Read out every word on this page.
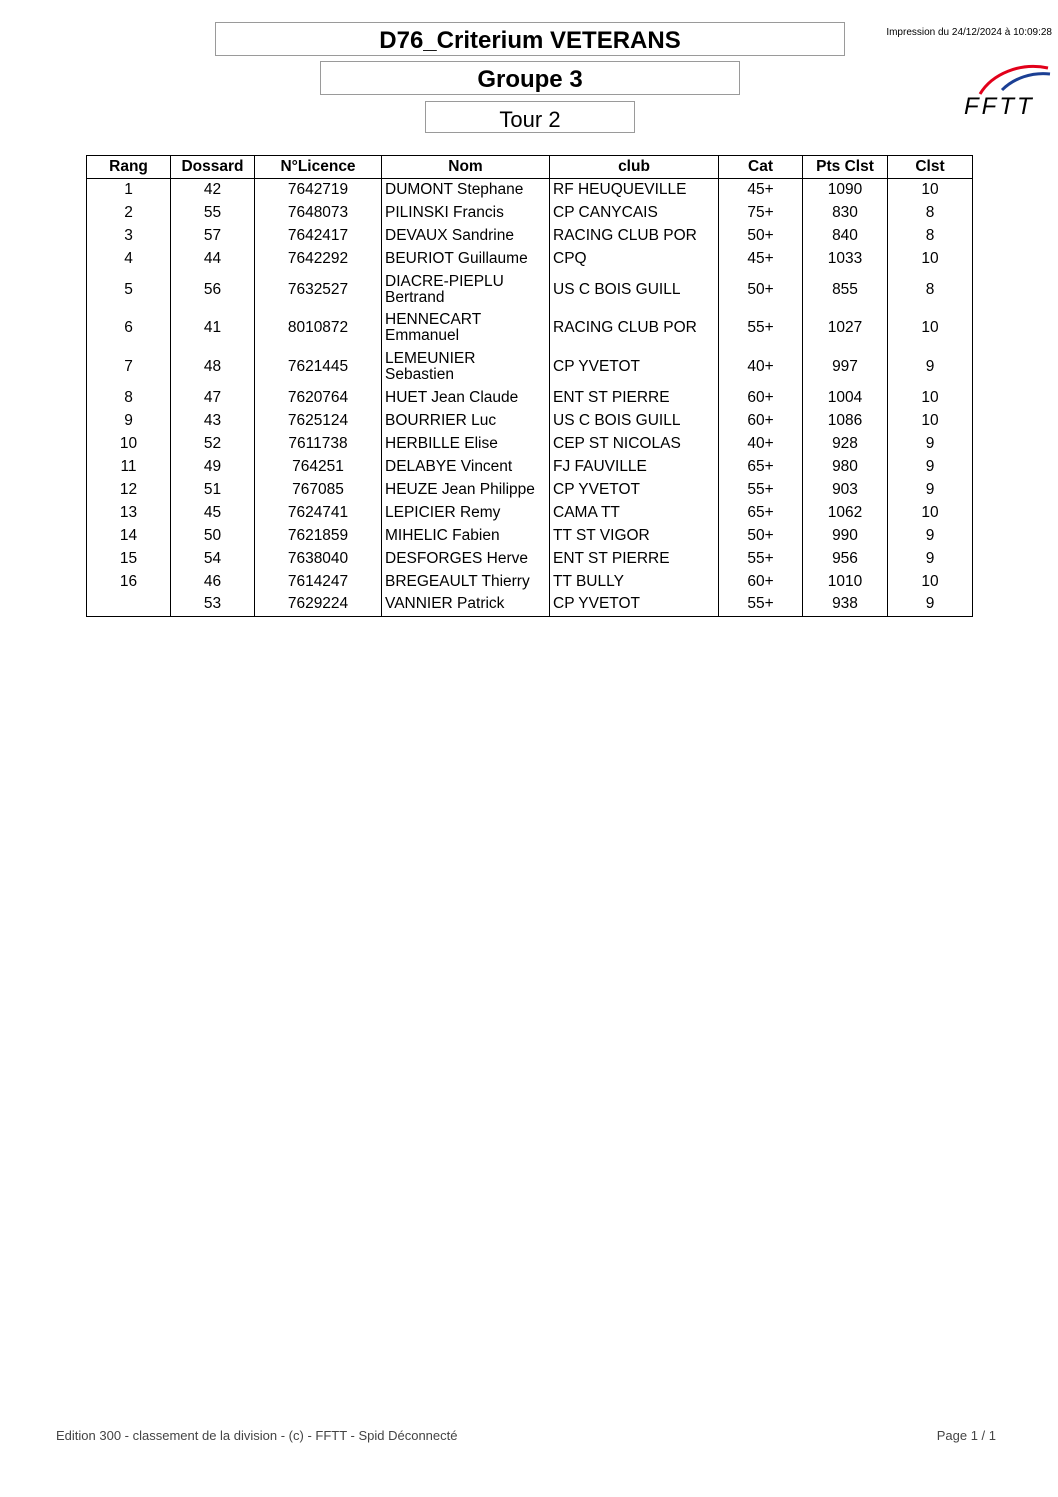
D76_Criterium VETERANS
Groupe 3
Tour 2
Impression du 24/12/2024 à 10:09:28
FFTT
Rang	Dossard	N°Licence	Nom	club	Cat	Pts Clst	Clst
1	42	7642719	DUMONT Stephane	RF HEUQUEVILLE	45+	1090	10
2	55	7648073	PILINSKI Francis	CP CANYCAIS	75+	830	8
3	57	7642417	DEVAUX Sandrine	RACING CLUB POR	50+	840	8
4	44	7642292	BEURIOT Guillaume	CPQ	45+	1033	10
5	56	7632527	DIACRE-PIEPLU Bertrand	US C BOIS GUILL	50+	855	8
6	41	8010872	HENNECART Emmanuel	RACING CLUB POR	55+	1027	10
7	48	7621445	LEMEUNIER Sebastien	CP YVETOT	40+	997	9
8	47	7620764	HUET Jean Claude	ENT ST PIERRE	60+	1004	10
9	43	7625124	BOURRIER Luc	US C BOIS GUILL	60+	1086	10
10	52	7611738	HERBILLE Elise	CEP ST NICOLAS	40+	928	9
11	49	764251	DELABYE Vincent	FJ FAUVILLE	65+	980	9
12	51	767085	HEUZE Jean Philippe	CP YVETOT	55+	903	9
13	45	7624741	LEPICIER Remy	CAMA TT	65+	1062	10
14	50	7621859	MIHELIC Fabien	TT ST VIGOR	50+	990	9
15	54	7638040	DESFORGES Herve	ENT ST PIERRE	55+	956	9
16	46	7614247	BREGEAULT Thierry	TT BULLY	60+	1010	10
	53	7629224	VANNIER Patrick	CP YVETOT	55+	938	9
Edition 300 - classement de la division - (c) - FFTT - Spid Déconnecté	Page 1 / 1
